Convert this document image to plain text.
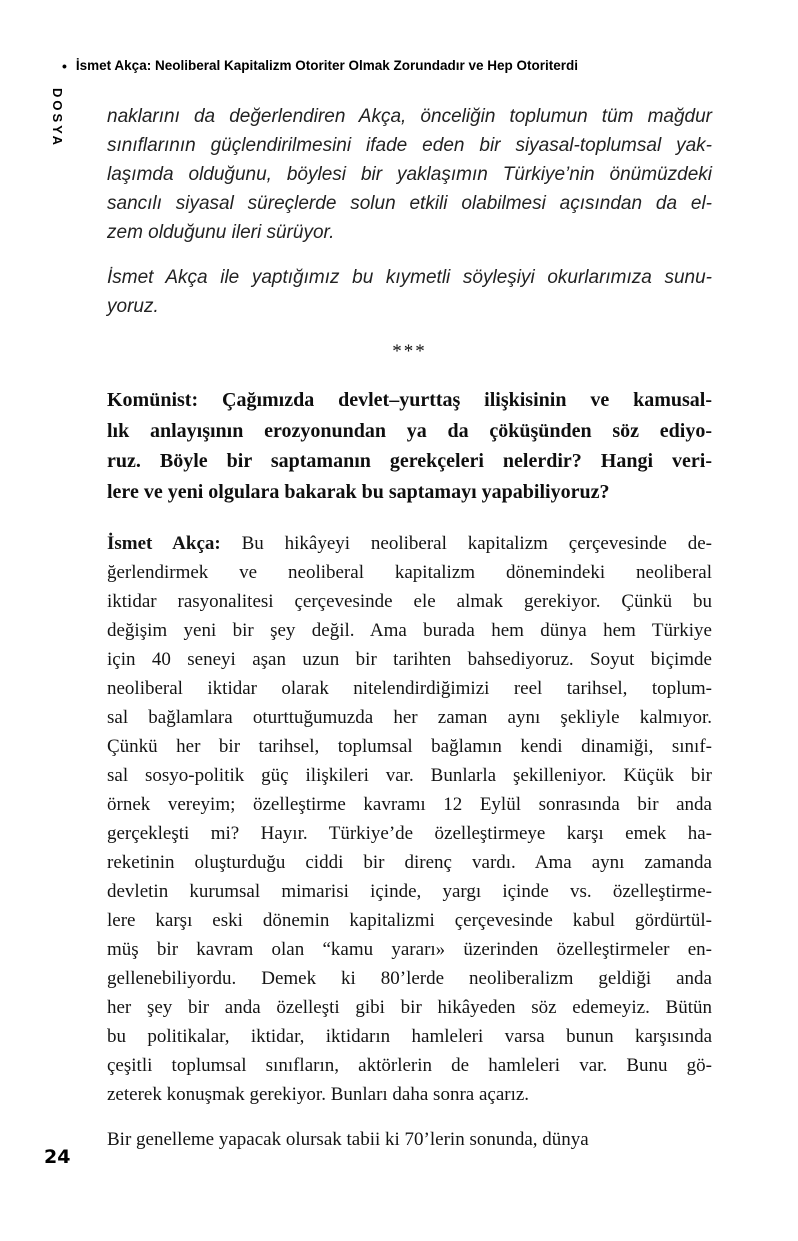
• İsmet Akça: Neoliberal Kapitalizm Otoriter Olmak Zorundadır ve Hep Otoriterdi
DOSYA naklarını da değerlendiren Akça, önceliğin toplumun tüm mağdur
sınıflarının güçlendirilmesini ifade eden bir siyasal-toplumsal yak-
laşımda olduğunu, böylesi bir yaklaşımın Türkiye’nin önümüzdeki
sancılı siyasal süreçlerde solun etkili olabilmesi açısından da el-
zem olduğunu ileri sürüyor.
İsmet Akça ile yaptığımız bu kıymetli söyleşiyi okurlarımıza sunu-
yoruz.
***
Komünist: Çağımızda devlet–yurttaş ilişkisinin ve kamusal-
lık anlayışının erozyonundan ya da çöküşünden söz ediyo-
ruz. Böyle bir saptamanın gerekçeleri nelerdir? Hangi veri-
lere ve yeni olgulara bakarak bu saptamayı yapabiliyoruz?
İsmet Akça: Bu hikâyeyi neoliberal kapitalizm çerçevesinde de-
ğerlendirmek ve neoliberal kapitalizm dönemindeki neoliberal
iktidar rasyonalitesi çerçevesinde ele almak gerekiyor. Çünkü bu
değişim yeni bir şey değil. Ama burada hem dünya hem Türkiye
için 40 seneyi aşan uzun bir tarihten bahsediyoruz. Soyut biçimde
neoliberal iktidar olarak nitelendirdiğimizi reel tarihsel, toplum-
sal bağlamlara oturttuğumuzda her zaman aynı şekliyle kalmıyor.
Çünkü her bir tarihsel, toplumsal bağlamın kendi dinamiği, sınıf-
sal sosyo-politik güç ilişkileri var. Bunlarla şekilleniyor. Küçük bir
örnek vereyim; özelleştirme kavramı 12 Eylül sonrasında bir anda
gerçekleşti mi? Hayır. Türkiye’de özelleştirmeye karşı emek ha-
reketinin oluşturduğu ciddi bir direnç vardı. Ama aynı zamanda
devletin kurumsal mimarisi içinde, yargı içinde vs. özelleştirme-
lere karşı eski dönemin kapitalizmi çerçevesinde kabul gördürtül-
müş bir kavram olan “kamu yararı» üzerinden özelleştirmeler en-
gellenebiliyordu. Demek ki 80’lerde neoliberalizm geldiği anda
her şey bir anda özelleşti gibi bir hikâyeden söz edemeyiz. Bütün
bu politikalar, iktidar, iktidarın hamleleri varsa bunun karşısında
çeşitli toplumsal sınıfların, aktörlerin de hamleleri var. Bunu gö-
zeterek konuşmak gerekiyor. Bunları daha sonra açarız.
Bir genelleme yapacak olursak tabii ki 70’lerin sonunda, dünya
24
